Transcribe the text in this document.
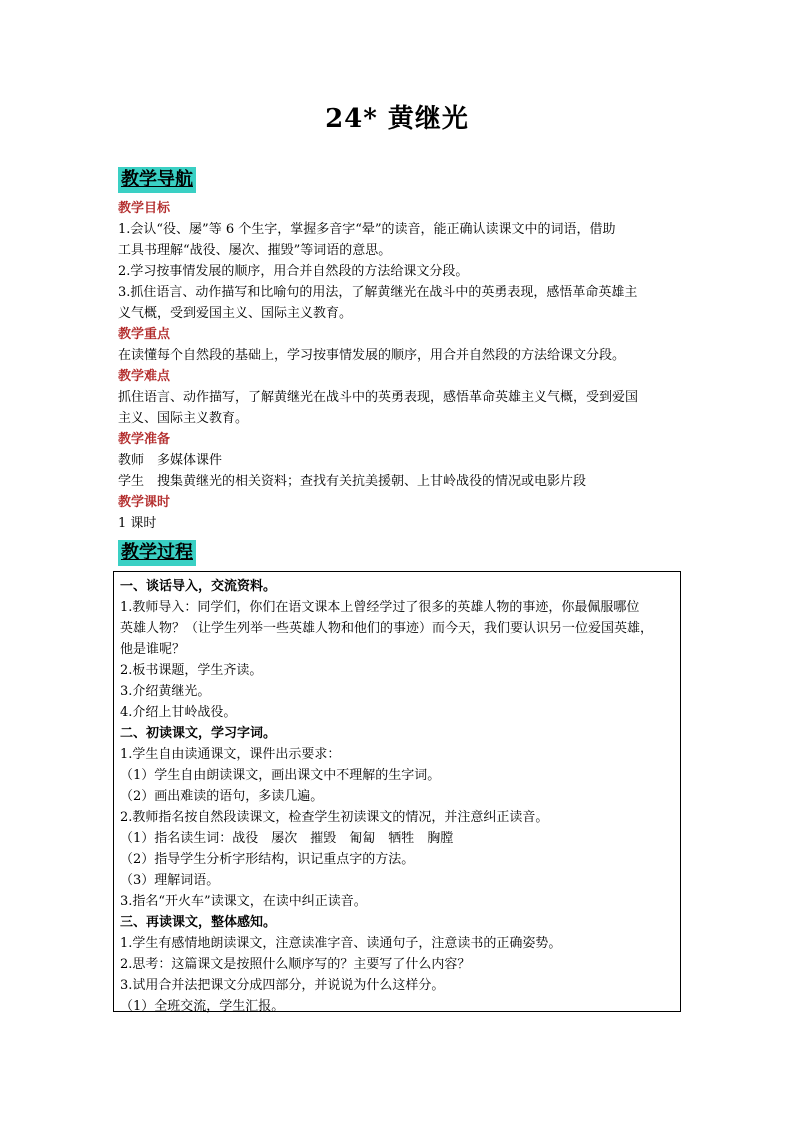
24* 黄继光
教学导航
教学目标
1.会认“役、屡”等 6 个生字，掌握多音字“晕”的读音，能正确认读课文中的词语，借助
工具书理解“战役、屡次、摧毁”等词语的意思。
2.学习按事情发展的顺序，用合并自然段的方法给课文分段。
3.抓住语言、动作描写和比喻句的用法，了解黄继光在战斗中的英勇表现，感悟革命英雄主
义气概，受到爱国主义、国际主义教育。
教学重点
在读懂每个自然段的基础上，学习按事情发展的顺序，用合并自然段的方法给课文分段。
教学难点
抓住语言、动作描写，了解黄继光在战斗中的英勇表现，感悟革命英雄主义气概，受到爱国
主义、国际主义教育。
教学准备
教师　多媒体课件
学生　搜集黄继光的相关资料；查找有关抗美援朝、上甘岭战役的情况或电影片段
教学课时
1 课时
教学过程
一、谈话导入，交流资料。
1.教师导入：同学们，你们在语文课本上曾经学过了很多的英雄人物的事迹，你最佩服哪位
英雄人物？（让学生列举一些英雄人物和他们的事迹）而今天，我们要认识另一位爱国英雄，
他是谁呢？
2.板书课题，学生齐读。
3.介绍黄继光。
4.介绍上甘岭战役。
二、初读课文，学习字词。
1.学生自由读通课文，课件出示要求：
（1）学生自由朗读课文，画出课文中不理解的生字词。
（2）画出难读的语句，多读几遍。
2.教师指名按自然段读课文，检查学生初读课文的情况，并注意纠正读音。
（1）指名读生词：战役　屡次　摧毁　匍匐　牺牲　胸膛
（2）指导学生分析字形结构，识记重点字的方法。
（3）理解词语。
3.指名“开火车”读课文，在读中纠正读音。
三、再读课文，整体感知。
1.学生有感情地朗读课文，注意读准字音、读通句子，注意读书的正确姿势。
2.思考：这篇课文是按照什么顺序写的？主要写了什么内容？
3.试用合并法把课文分成四部分，并说说为什么这样分。
（1）全班交流，学生汇报。
